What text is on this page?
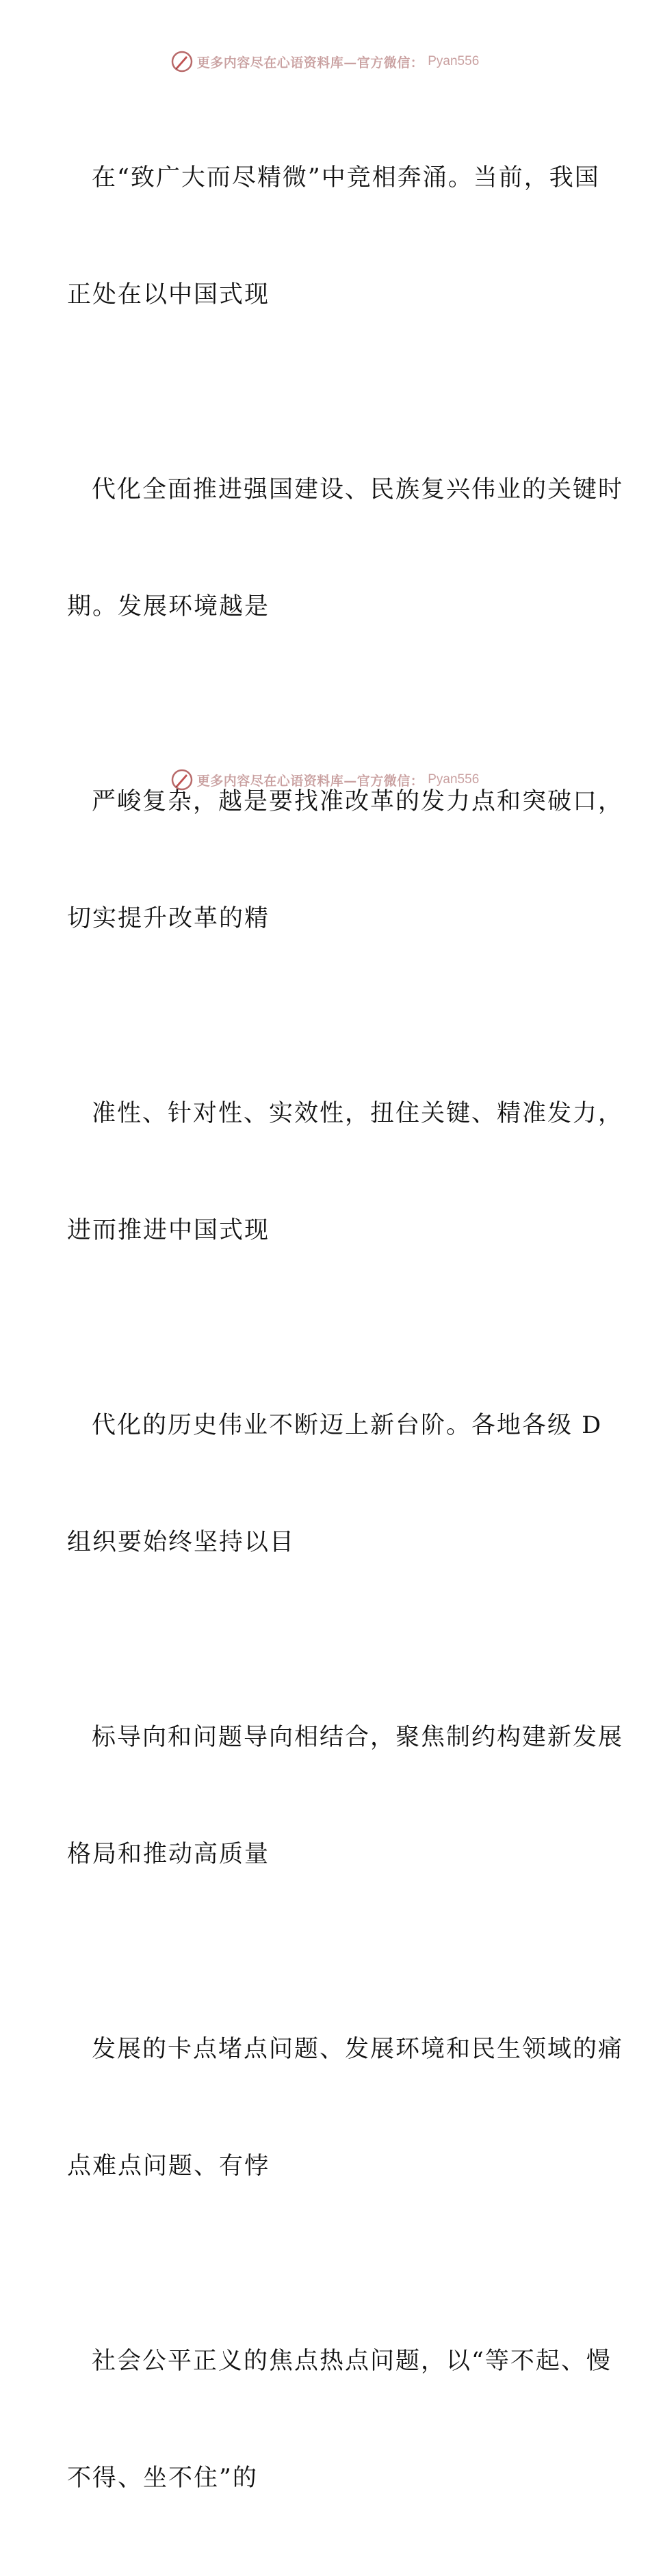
更多内容尽在心语资料库—官方微信： Pyan556

在“致广大而尽精微”中竞相奔涌。当前，我国

正处在以中国式现

代化全面推进强国建设、民族复兴伟业的关键时

期。发展环境越是

严峻复杂，越是要找准改革的发力点和突破口，

切实提升改革的精

准性、针对性、实效性，扭住关键、精准发力，

进而推进中国式现

代化的历史伟业不断迈上新台阶。各地各级 D

组织要始终坚持以目

标导向和问题导向相结合，聚焦制约构建新发展

格局和推动高质量

发展的卡点堵点问题、发展环境和民生领域的痛

点难点问题、有悖

社会公平正义的焦点热点问题，以“等不起、慢

不得、坐不住”的

更多内容尽在心语资料库—官方微信： Pyan556
